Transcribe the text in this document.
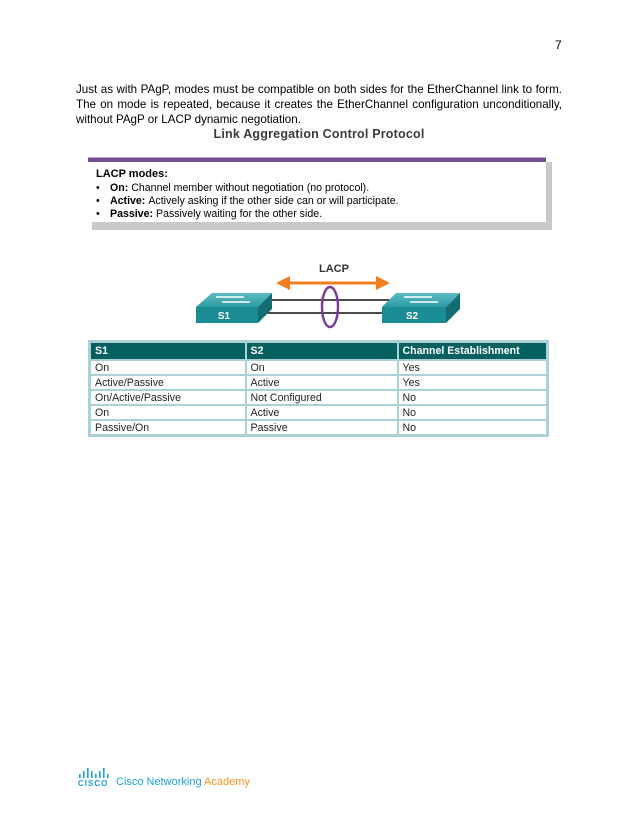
7

Just as with PAgP, modes must be compatible on both sides for the EtherChannel link to form. The on mode is repeated, because it creates the EtherChannel configuration unconditionally, without PAgP or LACP dynamic negotiation.

Link Aggregation Control Protocol
LACP modes:
• On: Channel member without negotiation (no protocol).
• Active: Actively asking if the other side can or will participate.
• Passive: Passively waiting for the other side.
LACP
S1	S2
S1	S2	Channel Establishment
On	On	Yes
Active/Passive	Active	Yes
On/Active/Passive	Not Configured	No
On	Active	No
Passive/On	Passive	No
CISCO Cisco Networking Academy
